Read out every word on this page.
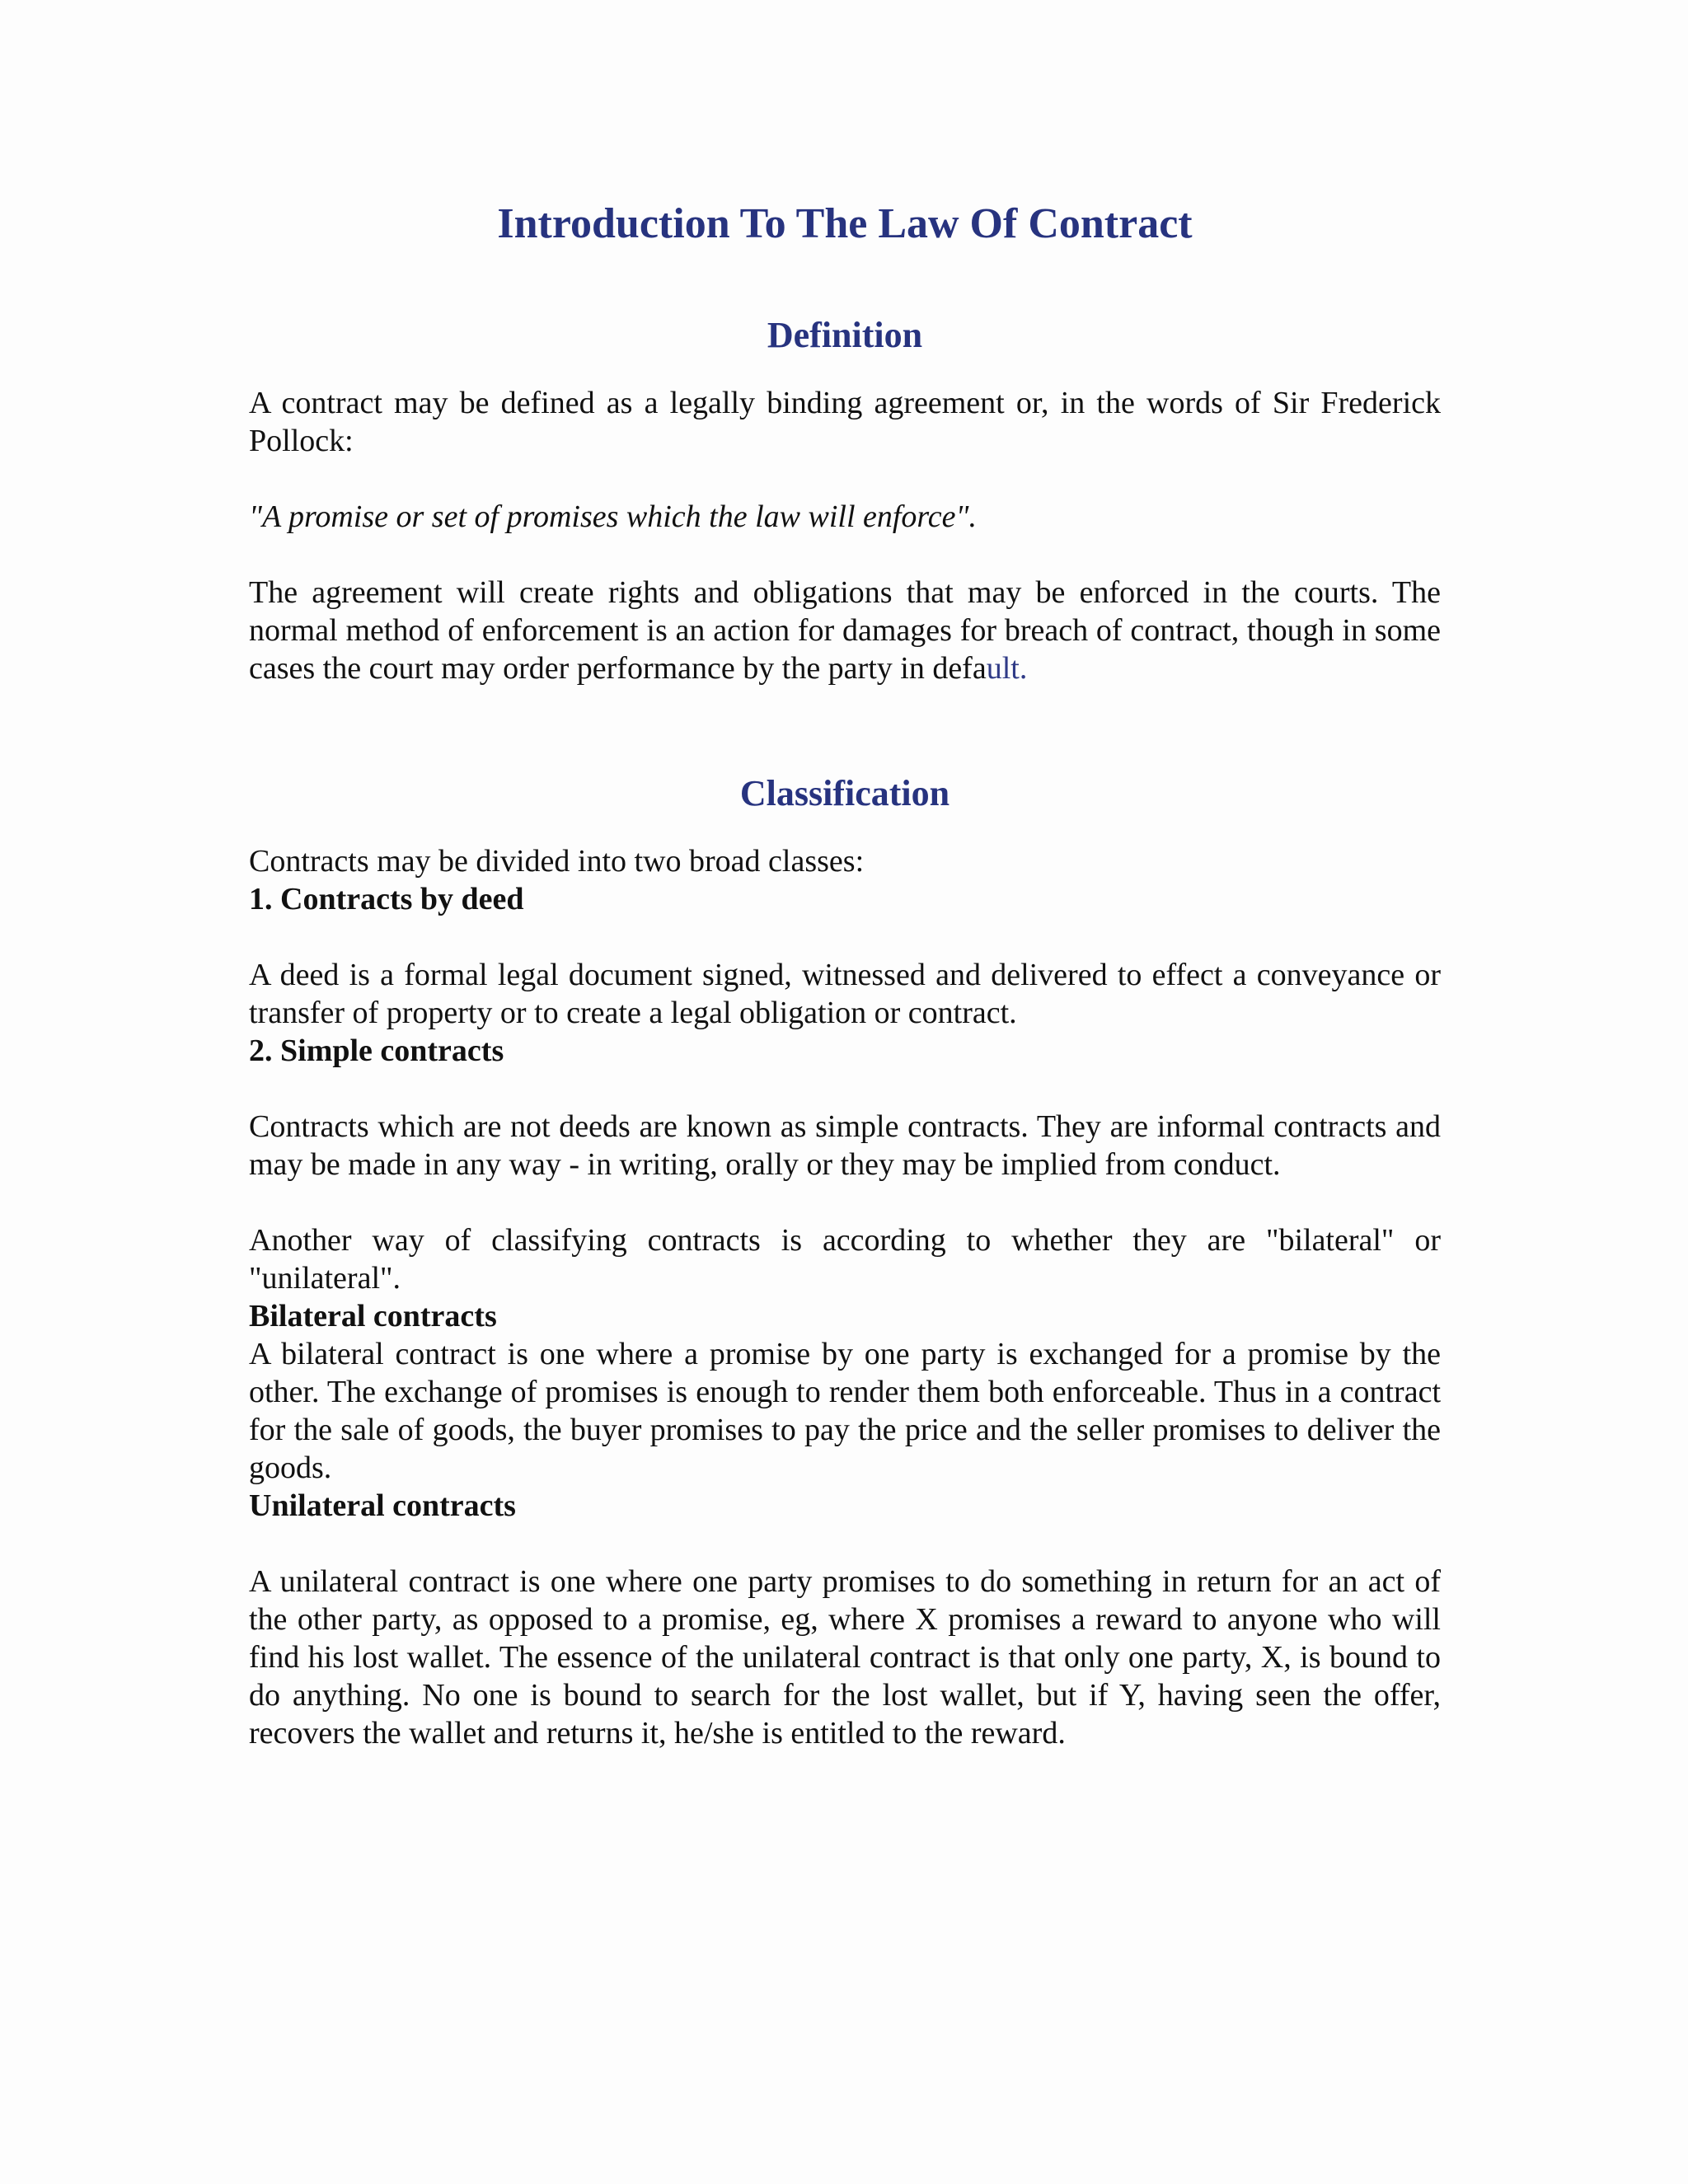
Introduction To The Law Of Contract
Definition

A contract may be defined as a legally binding agreement or, in the words of Sir Frederick Pollock:

"A promise or set of promises which the law will enforce".

The agreement will create rights and obligations that may be enforced in the courts. The normal method of enforcement is an action for damages for breach of contract, though in some cases the court may order performance by the party in default.

Classification

Contracts may be divided into two broad classes:

1. Contracts by deed

A deed is a formal legal document signed, witnessed and delivered to effect a conveyance or transfer of property or to create a legal obligation or contract.

2. Simple contracts

Contracts which are not deeds are known as simple contracts. They are informal contracts and may be made in any way - in writing, orally or they may be implied from conduct.

Another way of classifying contracts is according to whether they are "bilateral" or "unilateral".

Bilateral contracts

A bilateral contract is one where a promise by one party is exchanged for a promise by the other. The exchange of promises is enough to render them both enforceable. Thus in a contract for the sale of goods, the buyer promises to pay the price and the seller promises to deliver the goods.

Unilateral contracts

A unilateral contract is one where one party promises to do something in return for an act of the other party, as opposed to a promise, eg, where X promises a reward to anyone who will find his lost wallet. The essence of the unilateral contract is that only one party, X, is bound to do anything. No one is bound to search for the lost wallet, but if Y, having seen the offer, recovers the wallet and returns it, he/she is entitled to the reward.
